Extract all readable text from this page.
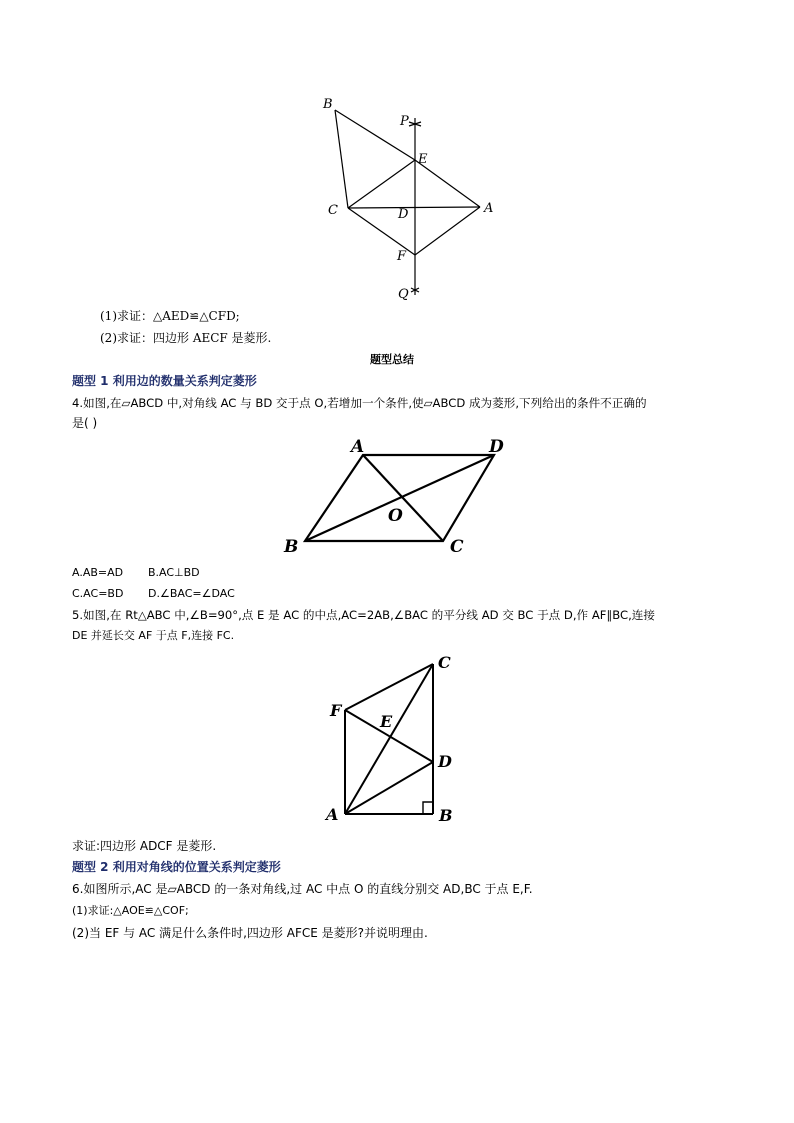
B
P
E
C	D	A
F
Q
(1)求证：△AED≌△CFD;
(2)求证：四边形 AECF 是菱形.
题型总结
题型 1 利用边的数量关系判定菱形
4.如图,在▱ABCD 中,对角线 AC 与 BD 交于点 O,若增加一个条件,使▱ABCD 成为菱形,下列给出的条件不正确的
是( )
A	D
O
B	C
A.AB=AD B.AC⊥BD
C.AC=BD D.∠BAC=∠DAC
5.如图,在 Rt△ABC 中,∠B=90°,点 E 是 AC 的中点,AC=2AB,∠BAC 的平分线 AD 交 BC 于点 D,作 AF∥BC,连接
DE 并延长交 AF 于点 F,连接 FC.
C
F
E
D
A	B
求证:四边形 ADCF 是菱形.
题型 2 利用对角线的位置关系判定菱形
6.如图所示,AC 是▱ABCD 的一条对角线,过 AC 中点 O 的直线分别交 AD,BC 于点 E,F.
(1)求证:△AOE≌△COF;
(2)当 EF 与 AC 满足什么条件时,四边形 AFCE 是菱形?并说明理由.
